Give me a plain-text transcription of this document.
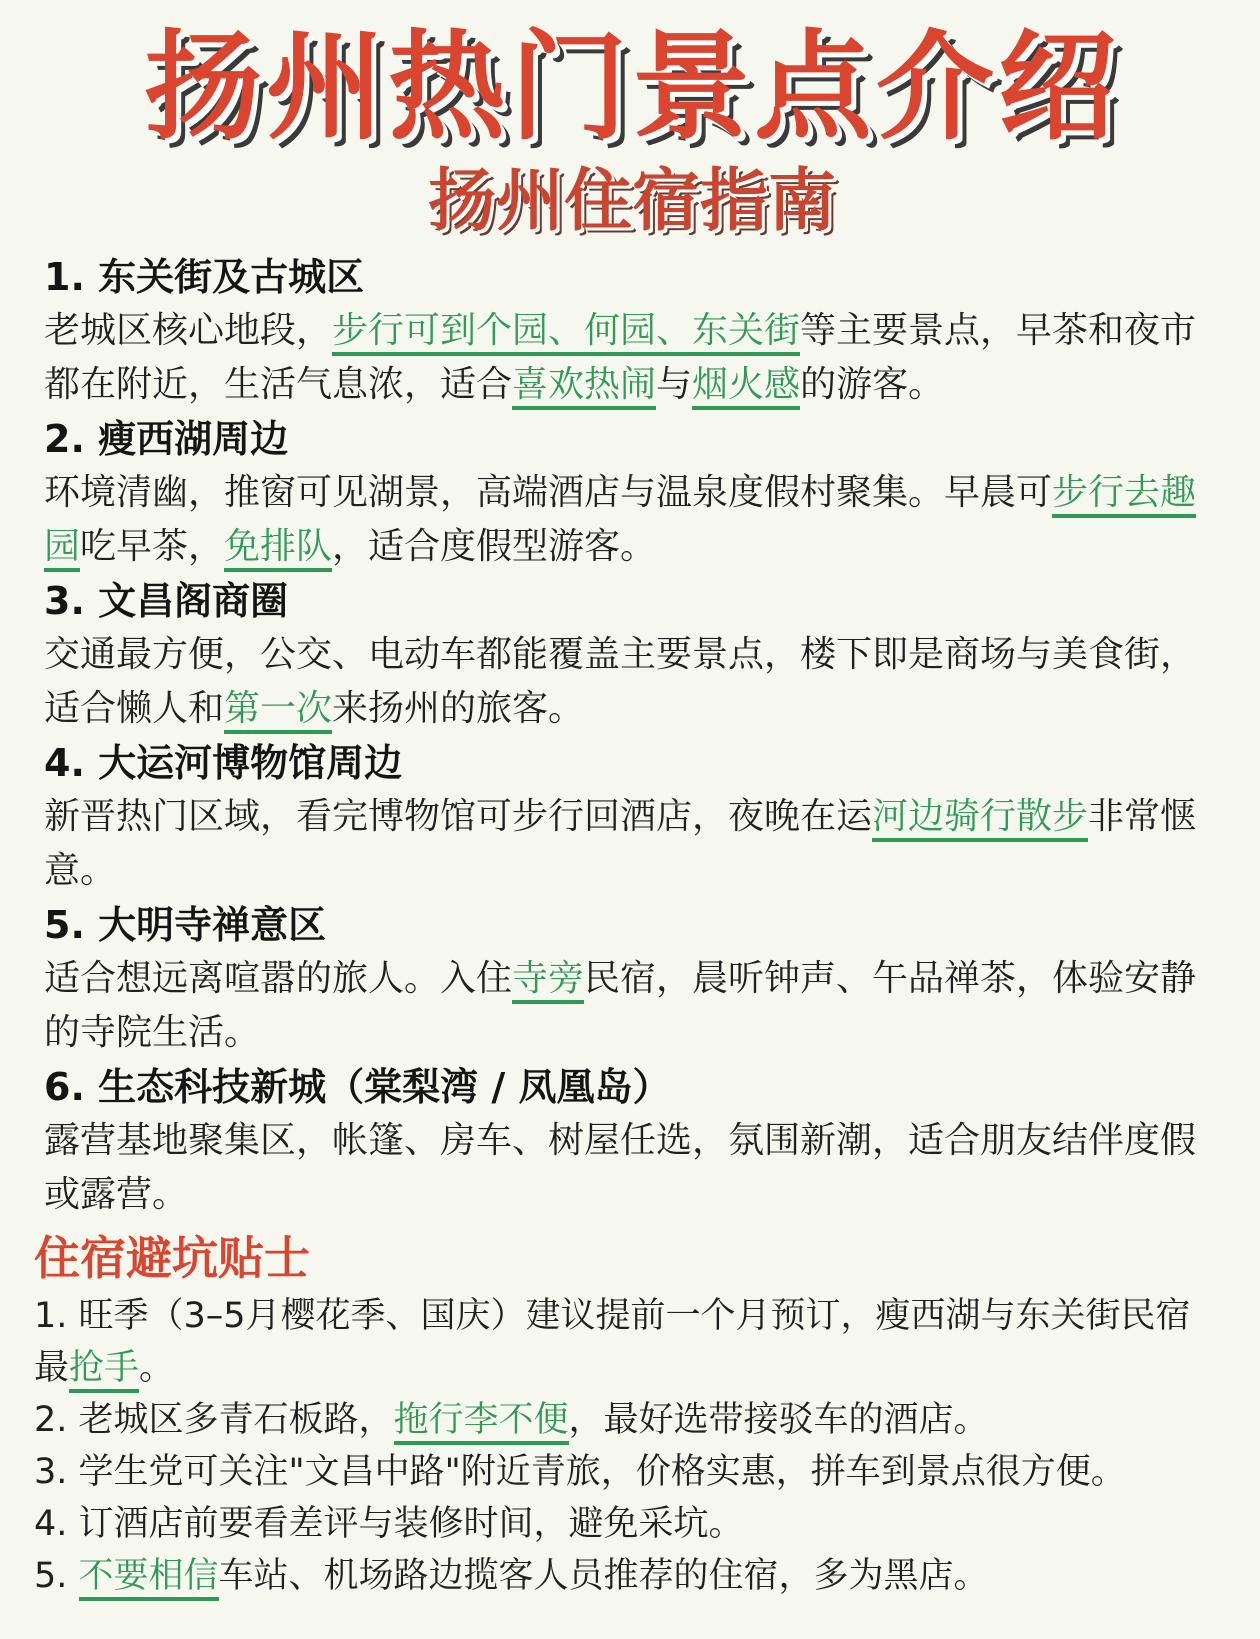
扬州热门景点介绍
扬州住宿指南
1. 东关街及古城区
老城区核心地段，步行可到个园、何园、东关街等主要景点，早茶和夜市都在附近，生活气息浓，适合喜欢热闹与烟火感的游客。
2. 瘦西湖周边
环境清幽，推窗可见湖景，高端酒店与温泉度假村聚集。早晨可步行去趣园吃早茶，免排队，适合度假型游客。
3. 文昌阁商圈
交通最方便，公交、电动车都能覆盖主要景点，楼下即是商场与美食街，适合懒人和第一次来扬州的旅客。
4. 大运河博物馆周边
新晋热门区域，看完博物馆可步行回酒店，夜晚在运河边骑行散步非常惬意。
5. 大明寺禅意区
适合想远离喧嚣的旅人。入住寺旁民宿，晨听钟声、午品禅茶，体验安静的寺院生活。
6. 生态科技新城（棠梨湾 / 凤凰岛）
露营基地聚集区，帐篷、房车、树屋任选，氛围新潮，适合朋友结伴度假或露营。
住宿避坑贴士
1. 旺季（3–5月樱花季、国庆）建议提前一个月预订，瘦西湖与东关街民宿最抢手。
2. 老城区多青石板路，拖行李不便，最好选带接驳车的酒店。
3. 学生党可关注"文昌中路"附近青旅，价格实惠，拼车到景点很方便。
4. 订酒店前要看差评与装修时间，避免采坑。
5. 不要相信车站、机场路边揽客人员推荐的住宿，多为黑店。
